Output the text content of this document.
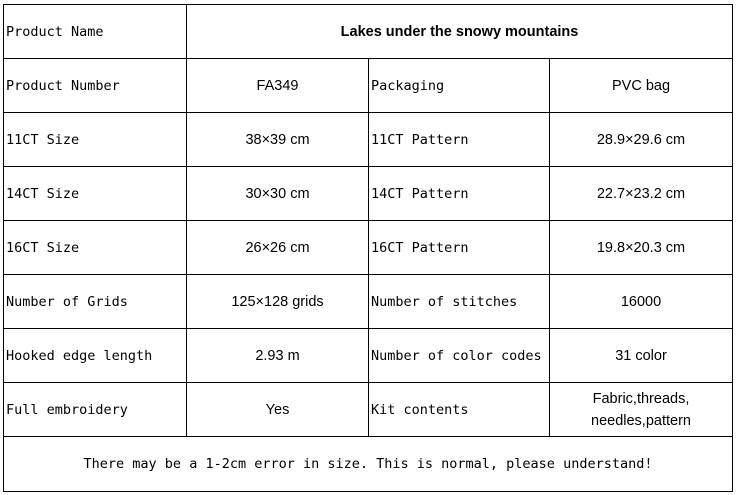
Product Name	Lakes under the snowy mountains		
Product Number	FA349	Packaging	PVC bag
11CT Size	38×39 cm	11CT Pattern	28.9×29.6 cm
14CT Size	30×30 cm	14CT Pattern	22.7×23.2 cm
16CT Size	26×26 cm	16CT Pattern	19.8×20.3 cm
Number of Grids	125×128 grids	Number of stitches	16000
Hooked edge length	2.93 m	Number of color codes	31 color
Full embroidery	Yes	Kit contents	Fabric,threads,
needles,pattern
There may be a 1-2cm error in size. This is normal, please understand!			
